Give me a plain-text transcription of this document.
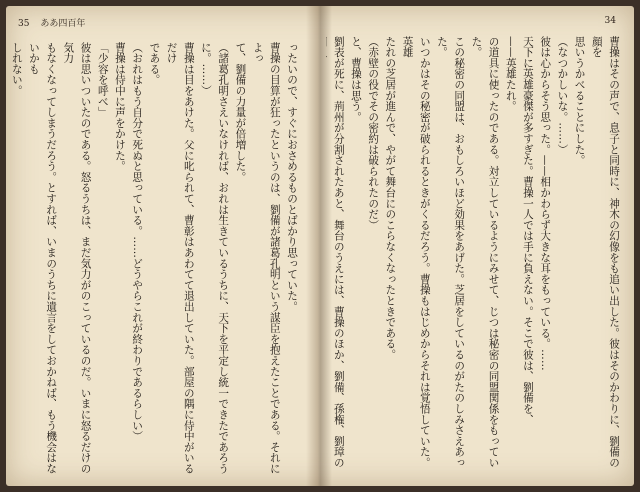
35 ああ四百年
ったいので、すぐにおさめるものとばかり思っていた。
曹操の目算が狂ったというのは、劉備が諸葛孔明という謀臣を抱えたことである。それによっ
て、劉備の力量が倍増した。
（諸葛孔明さえいなければ、おれは生きているうちに、天下を平定し統一できたであろう
に。……）
曹操は目をあけた。父に叱られて、曹彰はあわてて退出していた。部屋の隅に侍中がいるだけ
である。
（おれはもう自分で死ぬと思っている。……どうやらこれが終わりであるらしい）
曹操は侍中に声をかけた。
「少容を呼べ」
彼は思いついたのである。怒るうちは、まだ気力がのこっているのだ。いまに怒るだけの気力
もなくなってしまうだろう。とすれば、いまのうちに遺言をしておかねば、もう機会はないかも
しれない。
34
曹操はその声で、息子と同時に、神木の幻像をも追い出した。彼はそのかわりに、劉備の顔を
思いうかべることにした。
（なつかしいな。……）
彼は心からそう思った。——相かわらず大きな耳をもっている。……
天下に英雄豪傑が多すぎた。曹操一人では手に負えない。そこで彼は、劉備を、
——英雄たれ。
の道具に使ったのである。対立しているようにみせて、じつは秘密の同盟関係をもっていた。
この秘密の同盟は、おもしろいほど効果をあげた。芝居をしているのがたのしみさえあった。
いつかはその秘密が破られるときがくるだろう。曹操もはじめからそれは覚悟していた。英雄
たれの芝居が進んで、やがて舞台にのこらなくなったときである。
（赤壁の役でその密約は破られたのだ）
と、曹操は思う。
劉表が死に、荊州が分割されたあと、舞台のうえには、曹操のほか、劉備、孫権、劉璋の
